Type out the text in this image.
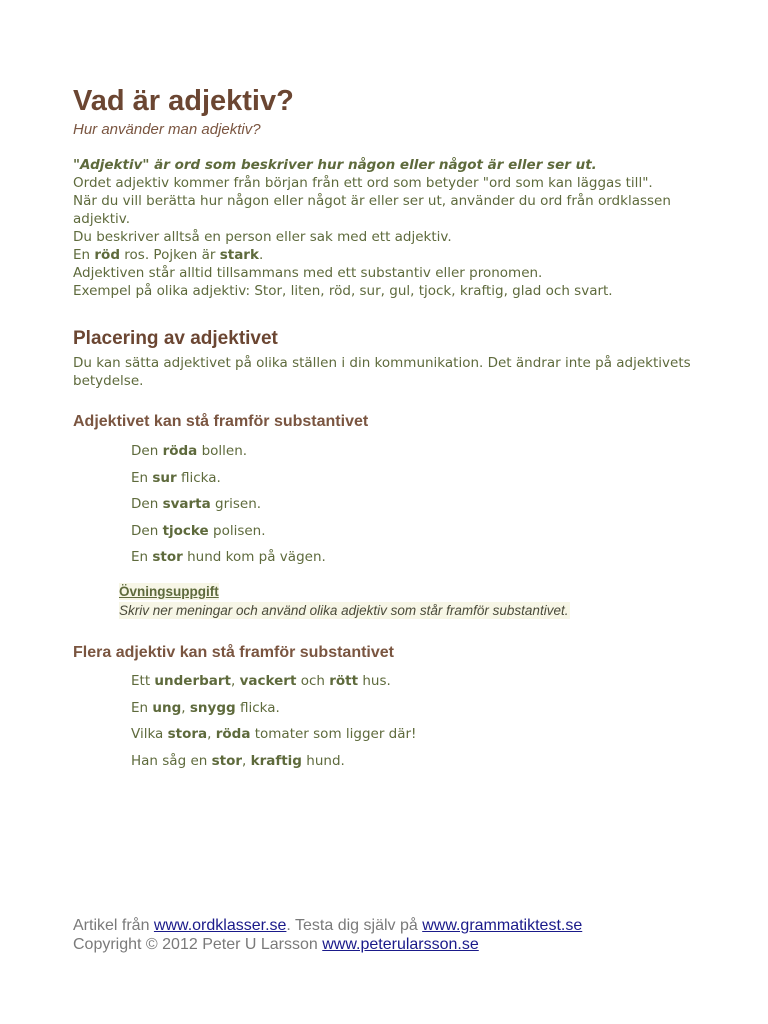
Vad är adjektiv?
Hur använder man adjektiv?

"Adjektiv" är ord som beskriver hur någon eller något är eller ser ut.

Ordet adjektiv kommer från början från ett ord som betyder "ord som kan läggas till".

När du vill berätta hur någon eller något är eller ser ut, använder du ord från ordklassen adjektiv.

Du beskriver alltså en person eller sak med ett adjektiv.

En röd ros. Pojken är stark.

Adjektiven står alltid tillsammans med ett substantiv eller pronomen.

Exempel på olika adjektiv: Stor, liten, röd, sur, gul, tjock, kraftig, glad och svart.

Placering av adjektivet

Du kan sätta adjektivet på olika ställen i din kommunikation. Det ändrar inte på adjektivets betydelse.

Adjektivet kan stå framför substantivet

Den röda bollen.

En sur flicka.

Den svarta grisen.

Den tjocke polisen.

En stor hund kom på vägen.

Övningsuppgift
Skriv ner meningar och använd olika adjektiv som står framför substantivet.
Flera adjektiv kan stå framför substantivet

Ett underbart, vackert och rött hus.

En ung, snygg flicka.

Vilka stora, röda tomater som ligger där!

Han såg en stor, kraftig hund.

Artikel från www.ordklasser.se. Testa dig själv på www.grammatiktest.se
Copyright © 2012 Peter U Larsson www.peterularsson.se
